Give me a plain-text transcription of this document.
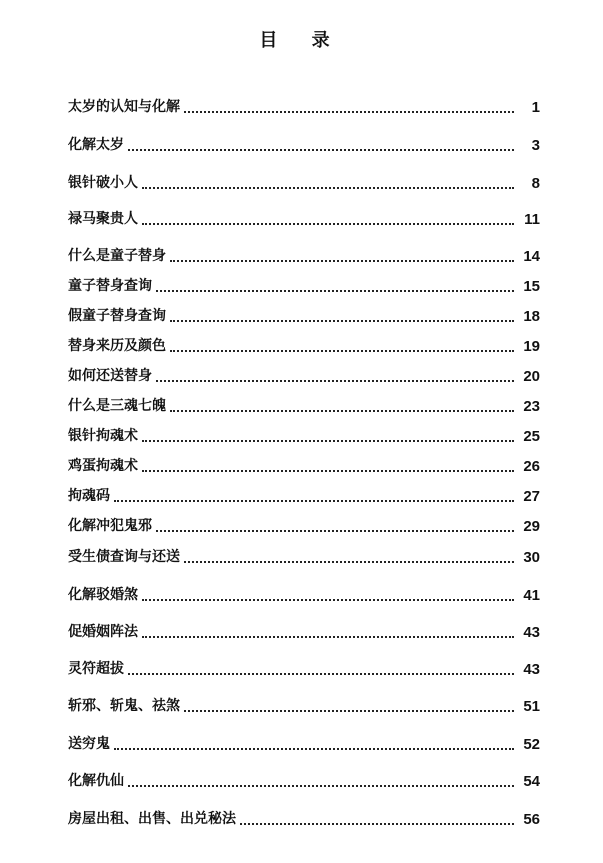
目 录
太岁的认知与化解	1
化解太岁	3
银针破小人	8
禄马聚贵人	11
什么是童子替身	14
童子替身查询	15
假童子替身查询	18
替身来历及颜色	19
如何还送替身	20
什么是三魂七魄	23
银针拘魂术	25
鸡蛋拘魂术	26
拘魂码	27
化解冲犯鬼邪	29
受生债查询与还送	30
化解驳婚煞	41
促婚姻阵法	43
灵符超拔	43
斩邪、斩鬼、祛煞	51
送穷鬼	52
化解仇仙	54
房屋出租、出售、出兑秘法	56
